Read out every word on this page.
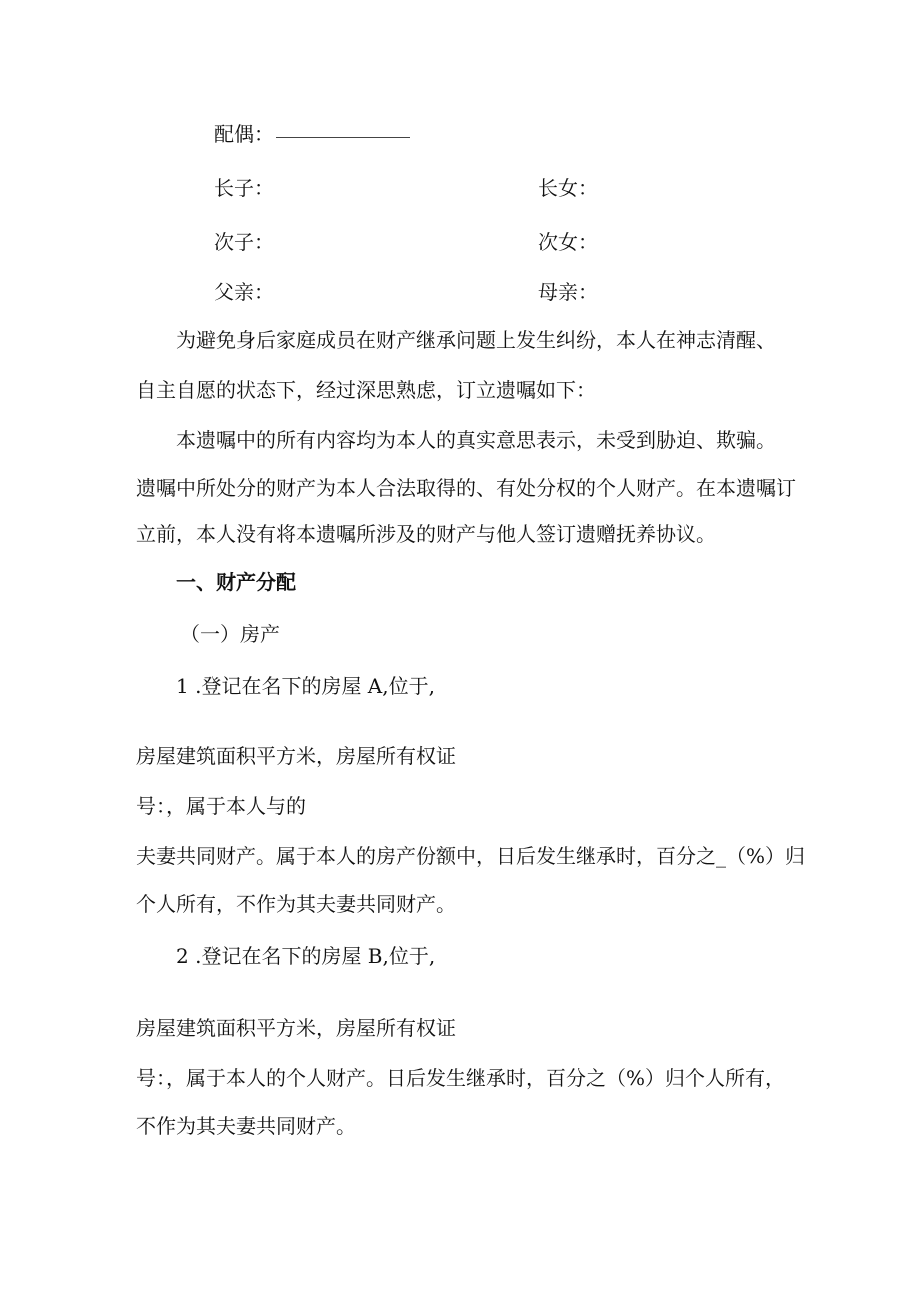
配偶：
长子：	长女：
次子：	次女：
父亲：	母亲：
为避免身后家庭成员在财产继承问题上发生纠纷，本人在神志清醒、
自主自愿的状态下，经过深思熟虑，订立遗嘱如下：
本遗嘱中的所有内容均为本人的真实意思表示，未受到胁迫、欺骗。
遗嘱中所处分的财产为本人合法取得的、有处分权的个人财产。在本遗嘱订
立前，本人没有将本遗嘱所涉及的财产与他人签订遗赠抚养协议。
一、财产分配
（一）房产
1 .登记在名下的房屋 A,位于,
房屋建筑面积平方米，房屋所有权证
号：，属于本人与的
夫妻共同财产。属于本人的房产份额中，日后发生继承时，百分之_（%）归
个人所有，不作为其夫妻共同财产。
2 .登记在名下的房屋 B,位于,
房屋建筑面积平方米，房屋所有权证
号：，属于本人的个人财产。日后发生继承时，百分之（%）归个人所有，
不作为其夫妻共同财产。
